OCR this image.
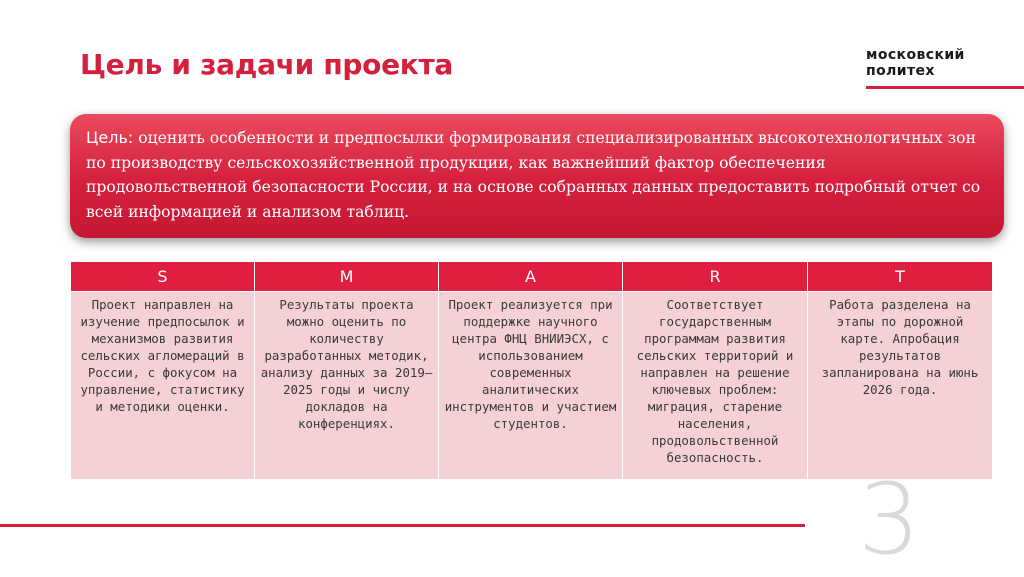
Цель и задачи проекта	московский
политех
Цель: оценить особенности и предпосылки формирования специализированных высокотехнологичных зон по производству сельскохозяйственной продукции, как важнейший фактор обеспечения продовольственной безопасности России, и на основе собранных данных предоставить подробный отчет со всей информацией и анализом таблиц.
S	M	A	R	T
Проект направлен на изучение предпосылок и механизмов развития сельских агломераций в России, с фокусом на управление, статистику и методики оценки.	Результаты проекта можно оценить по количеству разработанных методик, анализу данных за 2019–2025 годы и числу докладов на конференциях.	Проект реализуется при поддержке научного центра ФНЦ ВНИИЭСХ, с использованием современных аналитических инструментов и участием студентов.	Соответствует государственным программам развития сельских территорий и направлен на решение ключевых проблем: миграция, старение населения, продовольственной безопасность.	Работа разделена на этапы по дорожной карте. Апробация результатов запланирована на июнь 2026 года.
3
